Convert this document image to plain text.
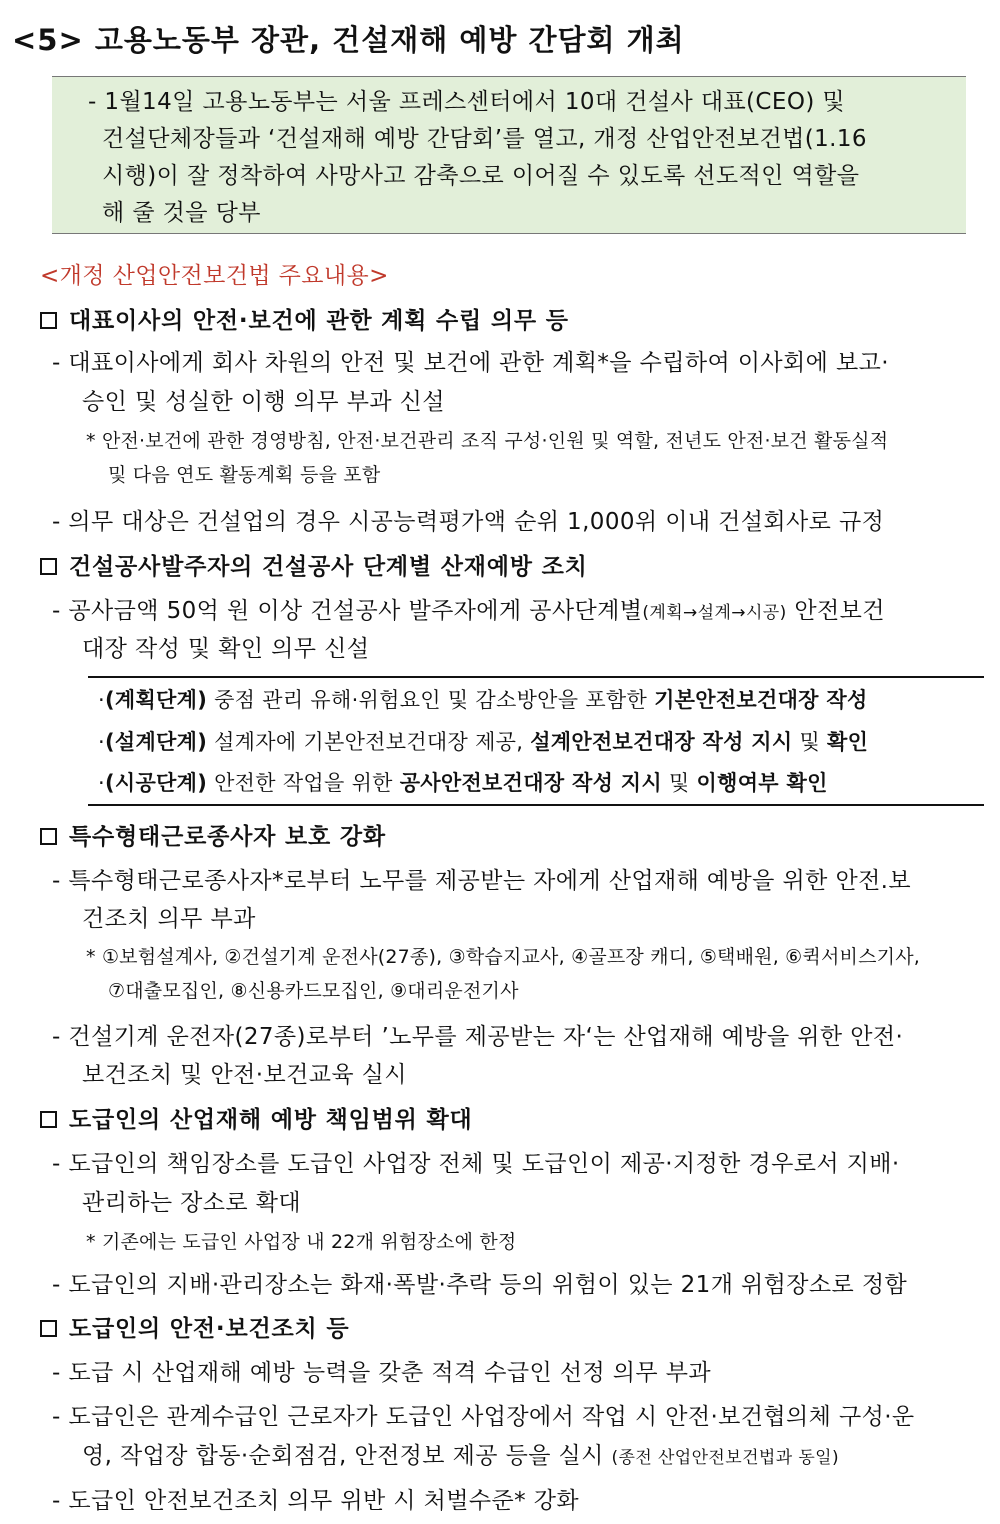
<5> 고용노동부 장관, 건설재해 예방 간담회 개최
- 1월14일 고용노동부는 서울 프레스센터에서 10대 건설사 대표(CEO) 및
건설단체장들과 ‘건설재해 예방 간담회’를 열고, 개정 산업안전보건법(1.16
시행)이 잘 정착하여 사망사고 감축으로 이어질 수 있도록 선도적인 역할을
해 줄 것을 당부
<개정 산업안전보건법 주요내용>
대표이사의 안전·보건에 관한 계획 수립 의무 등
- 대표이사에게 회사 차원의 안전 및 보건에 관한 계획*을 수립하여 이사회에 보고·
승인 및 성실한 이행 의무 부과 신설
* 안전·보건에 관한 경영방침, 안전·보건관리 조직 구성·인원 및 역할, 전년도 안전·보건 활동실적
및 다음 연도 활동계획 등을 포함
- 의무 대상은 건설업의 경우 시공능력평가액 순위 1,000위 이내 건설회사로 규정
건설공사발주자의 건설공사 단계별 산재예방 조치
- 공사금액 50억 원 이상 건설공사 발주자에게 공사단계별(계획→설계→시공) 안전보건
대장 작성 및 확인 의무 신설
·(계획단계) 중점 관리 유해·위험요인 및 감소방안을 포함한 기본안전보건대장 작성
·(설계단계) 설계자에 기본안전보건대장 제공, 설계안전보건대장 작성 지시 및 확인
·(시공단계) 안전한 작업을 위한 공사안전보건대장 작성 지시 및 이행여부 확인
특수형태근로종사자 보호 강화
- 특수형태근로종사자*로부터 노무를 제공받는 자에게 산업재해 예방을 위한 안전.보
건조치 의무 부과
* ①보험설계사, ②건설기계 운전사(27종), ③학습지교사, ④골프장 캐디, ⑤택배원, ⑥퀵서비스기사,
⑦대출모집인, ⑧신용카드모집인, ⑨대리운전기사
- 건설기계 운전자(27종)로부터 ’노무를 제공받는 자‘는 산업재해 예방을 위한 안전·
보건조치 및 안전·보건교육 실시
도급인의 산업재해 예방 책임범위 확대
- 도급인의 책임장소를 도급인 사업장 전체 및 도급인이 제공·지정한 경우로서 지배·
관리하는 장소로 확대
* 기존에는 도급인 사업장 내 22개 위험장소에 한정
- 도급인의 지배·관리장소는 화재·폭발·추락 등의 위험이 있는 21개 위험장소로 정함
도급인의 안전·보건조치 등
- 도급 시 산업재해 예방 능력을 갖춘 적격 수급인 선정 의무 부과
- 도급인은 관계수급인 근로자가 도급인 사업장에서 작업 시 안전·보건협의체 구성·운
영, 작업장 합동·순회점검, 안전정보 제공 등을 실시 (종전 산업안전보건법과 동일)
- 도급인 안전보건조치 의무 위반 시 처벌수준* 강화
